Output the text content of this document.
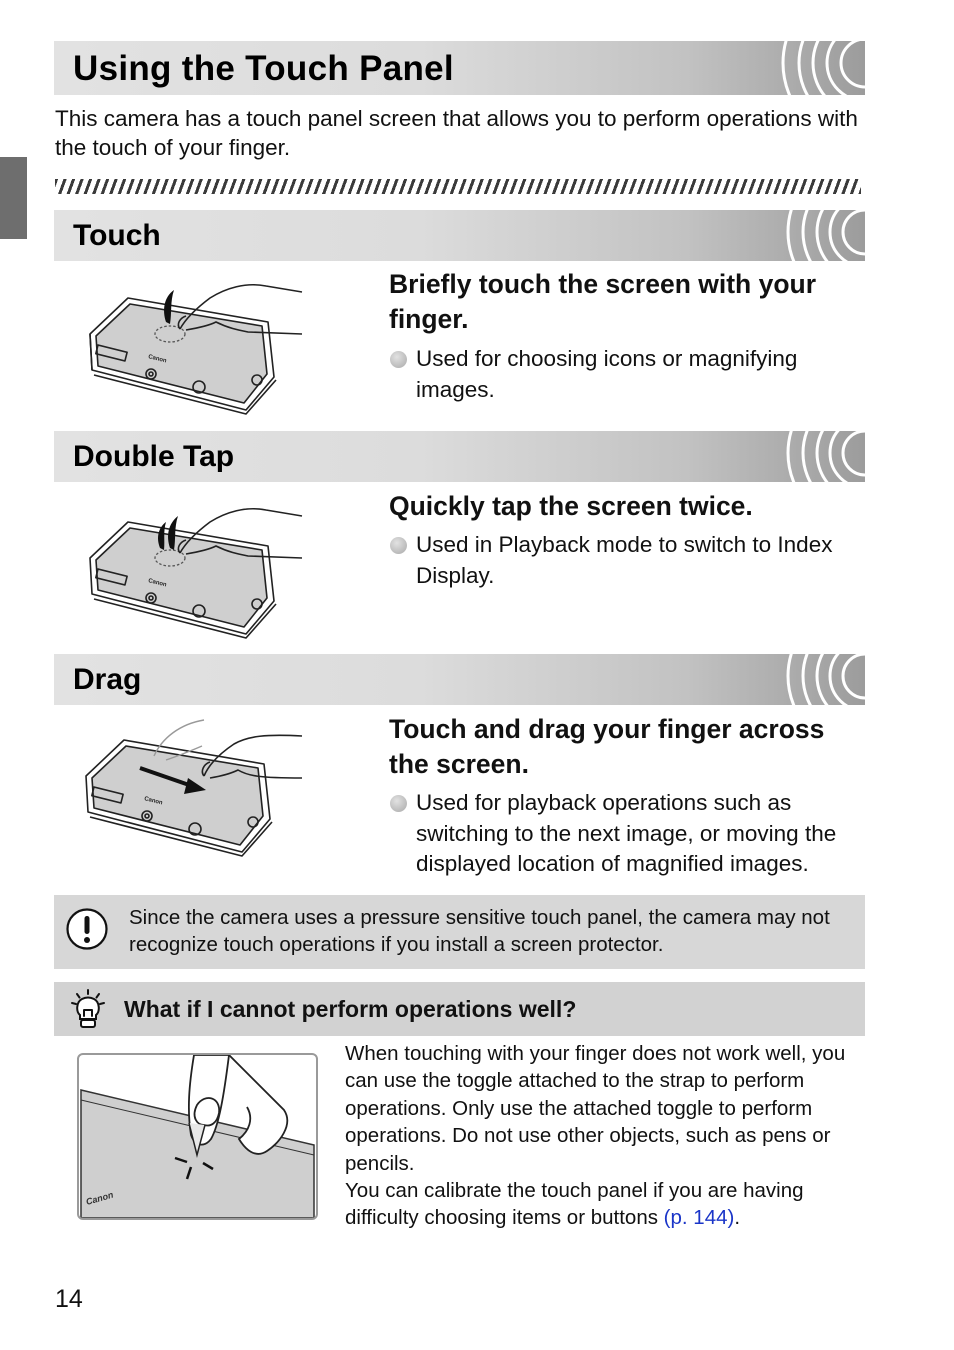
Using the Touch Panel
This camera has a touch panel screen that allows you to perform operations with the touch of your finger.
Touch
Canon
Briefly touch the screen with your finger.
Used for choosing icons or magnifying images.
Double Tap
Canon
Quickly tap the screen twice.
Used in Playback mode to switch to Index Display.
Drag
Canon
Touch and drag your finger across the screen.
Used for playback operations such as switching to the next image, or moving the displayed location of magnified images.
Since the camera uses a pressure sensitive touch panel, the camera may not recognize touch operations if you install a screen protector.
What if I cannot perform operations well?
Canon

When touching with your finger does not work well, you can use the toggle attached to the strap to perform operations. Only use the attached toggle to perform operations. Do not use other objects, such as pens or pencils.

You can calibrate the touch panel if you are having difficulty choosing items or buttons (p. 144).

14
